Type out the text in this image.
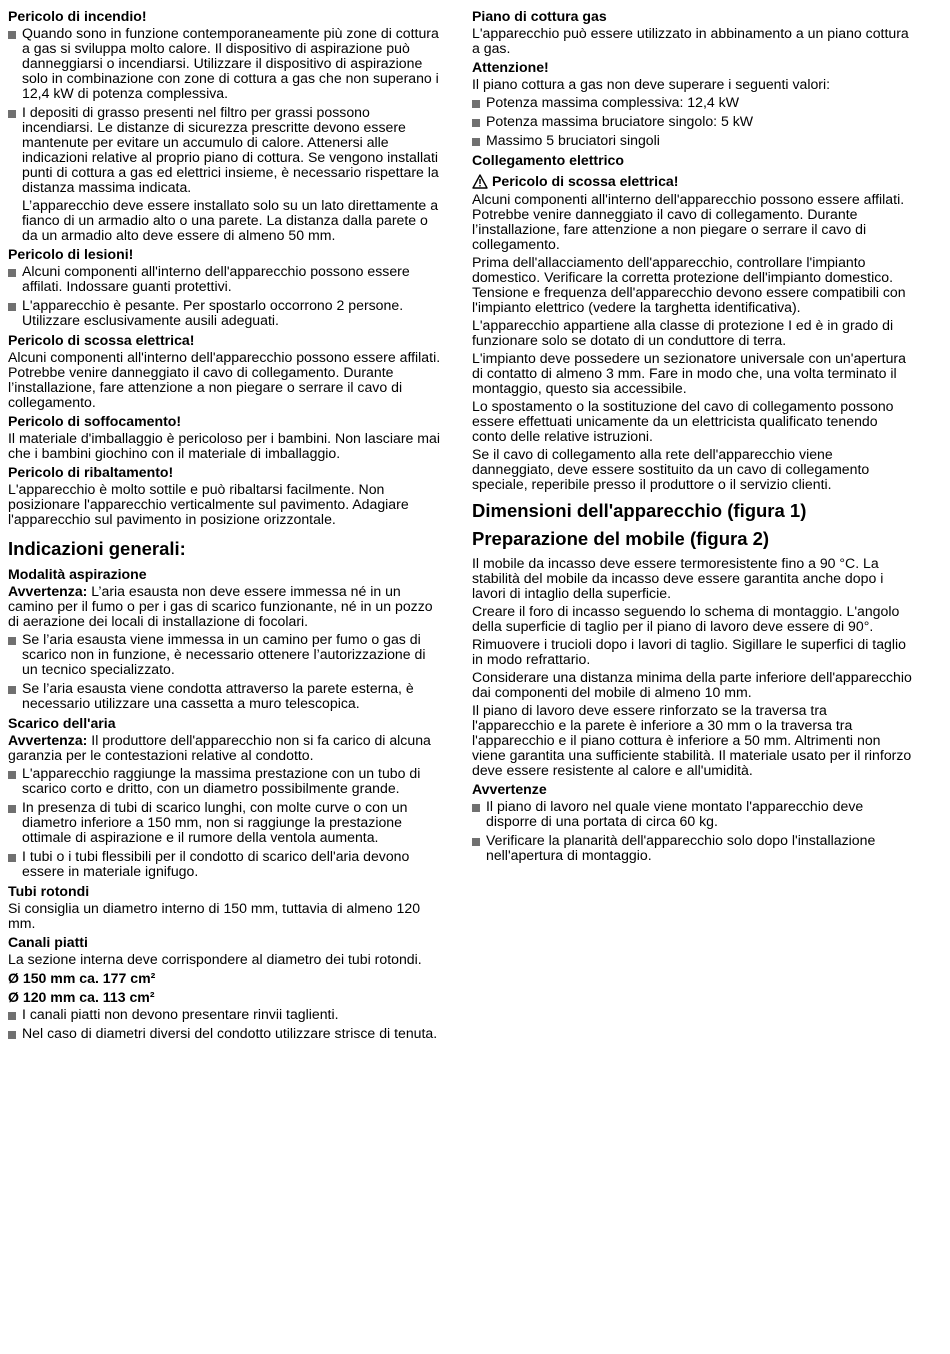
Pericolo di incendio!
Quando sono in funzione contemporaneamente più zone di cottura a gas si sviluppa molto calore. Il dispositivo di aspirazione può danneggiarsi o incendiarsi. Utilizzare il dispositivo di aspirazione solo in combinazione con zone di cottura a gas che non superano i 12,4 kW di potenza complessiva.
I depositi di grasso presenti nel filtro per grassi possono incendiarsi. Le distanze di sicurezza prescritte devono essere mantenute per evitare un accumulo di calore. Attenersi alle indicazioni relative al proprio piano di cottura. Se vengono installati punti di cottura a gas ed elettrici insieme, è necessario rispettare la distanza massima indicata.

L’apparecchio deve essere installato solo su un lato direttamente a fianco di un armadio alto o una parete. La distanza dalla parete o da un armadio alto deve essere di almeno 50 mm.

Pericolo di lesioni!
Alcuni componenti all'interno dell'apparecchio possono essere affilati. Indossare guanti protettivi.
L'apparecchio è pesante. Per spostarlo occorrono 2 persone. Utilizzare esclusivamente ausili adeguati.
Pericolo di scossa elettrica!

Alcuni componenti all'interno dell'apparecchio possono essere affilati. Potrebbe venire danneggiato il cavo di collegamento. Durante l’installazione, fare attenzione a non piegare o serrare il cavo di collegamento.

Pericolo di soffocamento!

Il materiale d'imballaggio è pericoloso per i bambini. Non lasciare mai che i bambini giochino con il materiale di imballaggio.

Pericolo di ribaltamento!

L'apparecchio è molto sottile e può ribaltarsi facilmente. Non posizionare l'apparecchio verticalmente sul pavimento. Adagiare l'apparecchio sul pavimento in posizione orizzontale.

Indicazioni generali:
Modalità aspirazione

Avvertenza: L’aria esausta non deve essere immessa né in un camino per il fumo o per i gas di scarico funzionante, né in un pozzo di aerazione dei locali di installazione di focolari.

Se l’aria esausta viene immessa in un camino per fumo o gas di scarico non in funzione, è necessario ottenere l’autorizzazione di un tecnico specializzato.
Se l’aria esausta viene condotta attraverso la parete esterna, è necessario utilizzare una cassetta a muro telescopica.
Scarico dell'aria

Avvertenza: Il produttore dell'apparecchio non si fa carico di alcuna garanzia per le contestazioni relative al condotto.

L'apparecchio raggiunge la massima prestazione con un tubo di scarico corto e dritto, con un diametro possibilmente grande.
In presenza di tubi di scarico lunghi, con molte curve o con un diametro inferiore a 150 mm, non si raggiunge la prestazione ottimale di aspirazione e il rumore della ventola aumenta.
I tubi o i tubi flessibili per il condotto di scarico dell'aria devono essere in materiale ignifugo.
Tubi rotondi

Si consiglia un diametro interno di 150 mm, tuttavia di almeno 120 mm.

Canali piatti

La sezione interna deve corrispondere al diametro dei tubi rotondi.

Ø 150 mm ca. 177 cm²
Ø 120 mm ca. 113 cm²
I canali piatti non devono presentare rinvii taglienti.
Nel caso di diametri diversi del condotto utilizzare strisce di tenuta.
Piano di cottura gas

L'apparecchio può essere utilizzato in abbinamento a un piano cottura a gas.

Attenzione!

Il piano cottura a gas non deve superare i seguenti valori:

Potenza massima complessiva: 12,4 kW
Potenza massima bruciatore singolo: 5 kW
Massimo 5 bruciatori singoli
Collegamento elettrico
Pericolo di scossa elettrica!

Alcuni componenti all'interno dell'apparecchio possono essere affilati. Potrebbe venire danneggiato il cavo di collegamento. Durante l’installazione, fare attenzione a non piegare o serrare il cavo di collegamento.

Prima dell'allacciamento dell'apparecchio, controllare l'impianto domestico. Verificare la corretta protezione dell'impianto domestico. Tensione e frequenza dell'apparecchio devono essere compatibili con l'impianto elettrico (vedere la targhetta identificativa).

L'apparecchio appartiene alla classe di protezione I ed è in grado di funzionare solo se dotato di un conduttore di terra.

L'impianto deve possedere un sezionatore universale con un'apertura di contatto di almeno 3 mm. Fare in modo che, una volta terminato il montaggio, questo sia accessibile.

Lo spostamento o la sostituzione del cavo di collegamento possono essere effettuati unicamente da un elettricista qualificato tenendo conto delle relative istruzioni.

Se il cavo di collegamento alla rete dell'apparecchio viene danneggiato, deve essere sostituito da un cavo di collegamento speciale, reperibile presso il produttore o il servizio clienti.

Dimensioni dell'apparecchio (figura 1)
Preparazione del mobile (figura 2)

Il mobile da incasso deve essere termoresistente fino a 90 °C. La stabilità del mobile da incasso deve essere garantita anche dopo i lavori di intaglio della superficie.

Creare il foro di incasso seguendo lo schema di montaggio. L'angolo della superficie di taglio per il piano di lavoro deve essere di 90°.

Rimuovere i trucioli dopo i lavori di taglio. Sigillare le superfici di taglio in modo refrattario.

Considerare una distanza minima della parte inferiore dell'apparecchio dai componenti del mobile di almeno 10 mm.

Il piano di lavoro deve essere rinforzato se la traversa tra l'apparecchio e la parete è inferiore a 30 mm o la traversa tra l'apparecchio e il piano cottura è inferiore a 50 mm. Altrimenti non viene garantita una sufficiente stabilità. Il materiale usato per il rinforzo deve essere resistente al calore e all'umidità.

Avvertenze
Il piano di lavoro nel quale viene montato l'apparecchio deve disporre di una portata di circa 60 kg.
Verificare la planarità dell'apparecchio solo dopo l'installazione nell'apertura di montaggio.
